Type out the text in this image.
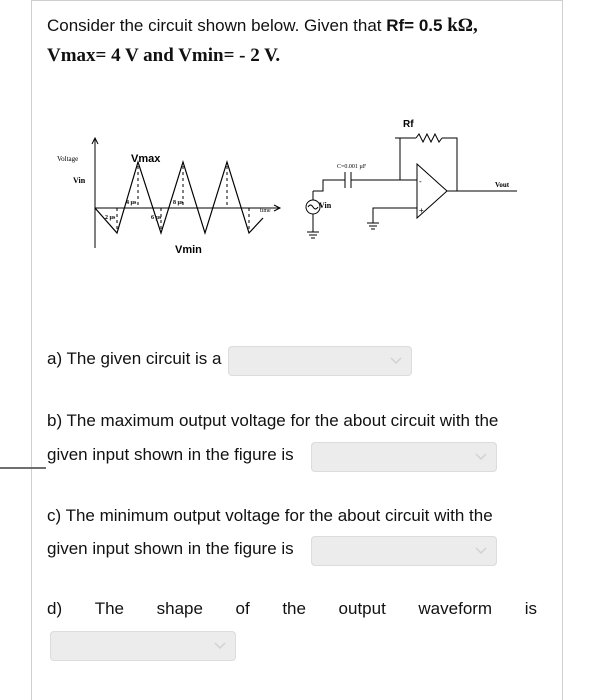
Consider the circuit shown below. Given that Rf= 0.5 kΩ,
Vmax= 4 V and Vmin= - 2 V.
Voltage
Vin
Vmax
Vmin
4 µs	8 µs
2 µs	6 µs
time
Vin
C=0.001 µF
Rf
-
+
Vout
a) The given circuit is a
b) The maximum output voltage for the about circuit with the
given input shown in the figure is
c) The minimum output voltage for the about circuit with the
given input shown in the figure is
d) The shape of the output waveform is
